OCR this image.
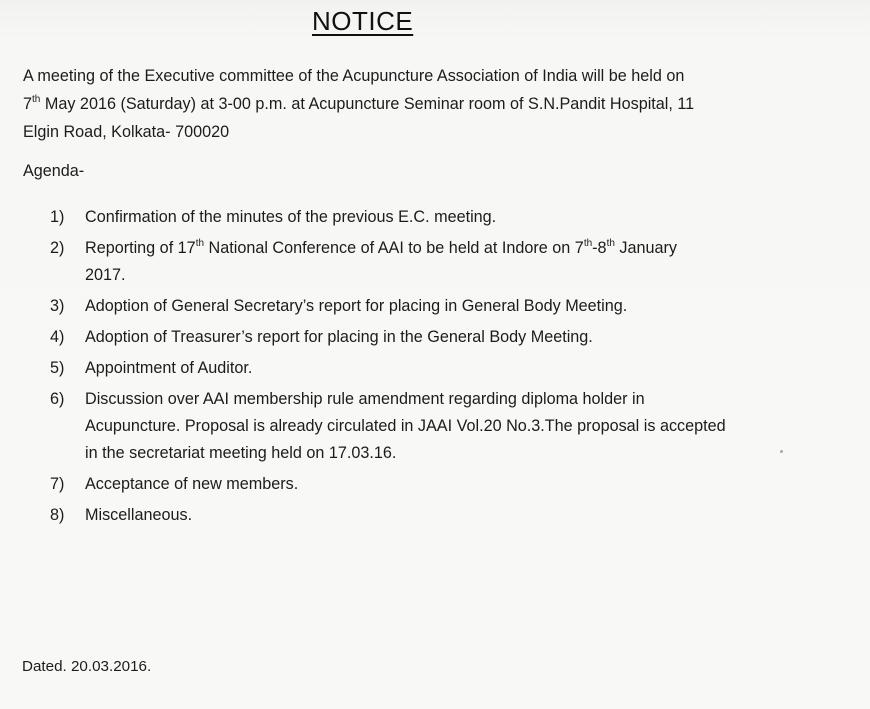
NOTICE
A meeting of the Executive committee of the Acupuncture Association of India will be held on
7th May 2016 (Saturday) at 3-00 p.m. at Acupuncture Seminar room of S.N.Pandit Hospital, 11
Elgin Road, Kolkata- 700020
Agenda-
1) Confirmation of the minutes of the previous E.C. meeting.
2) Reporting of 17th National Conference of AAI to be held at Indore on 7th-8th January
2017.
3) Adoption of General Secretary’s report for placing in General Body Meeting.
4) Adoption of Treasurer’s report for placing in the General Body Meeting.
5) Appointment of Auditor.
6) Discussion over AAI membership rule amendment regarding diploma holder in
Acupuncture. Proposal is already circulated in JAAI Vol.20 No.3.The proposal is accepted
in the secretariat meeting held on 17.03.16.
7) Acceptance of new members.
8) Miscellaneous.
Dated. 20.03.2016.
